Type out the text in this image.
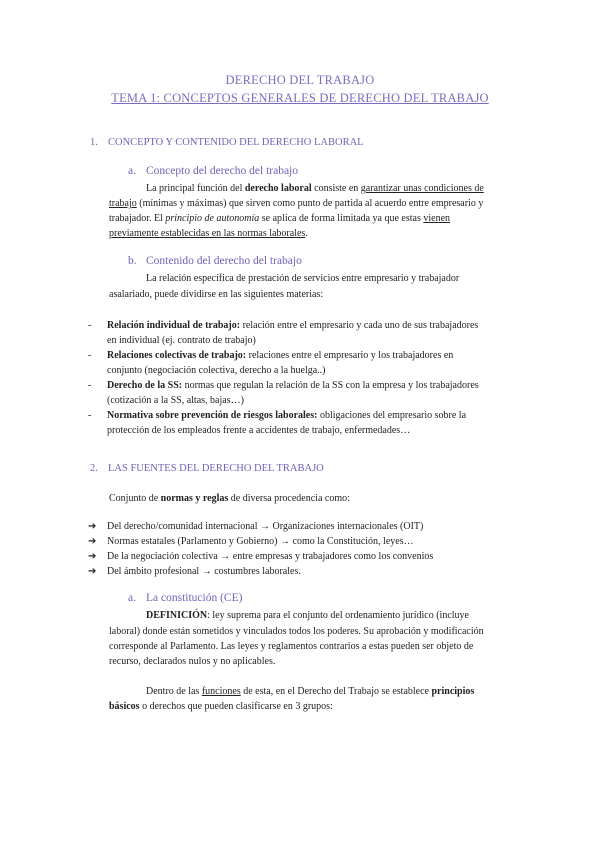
DERECHO DEL TRABAJO
TEMA 1: CONCEPTOS GENERALES DE DERECHO DEL TRABAJO
1. CONCEPTO Y CONTENIDO DEL DERECHO LABORAL
a. Concepto del derecho del trabajo
La principal función del derecho laboral consiste en garantizar unas condiciones de
trabajo (mínimas y máximas) que sirven como punto de partida al acuerdo entre empresario y
trabajador. El principio de autonomía se aplica de forma limitada ya que estas vienen
previamente establecidas en las normas laborales.
b. Contenido del derecho del trabajo
La relación específica de prestación de servicios entre empresario y trabajador
asalariado, puede dividirse en las siguientes materias:
- Relación individual de trabajo: relación entre el empresario y cada uno de sus trabajadores
en individual (ej. contrato de trabajo)
- Relaciones colectivas de trabajo: relaciones entre el empresario y los trabajadores en
conjunto (negociación colectiva, derecho a la huelga..)
- Derecho de la SS: normas que regulan la relación de la SS con la empresa y los trabajadores
(cotización a la SS, altas, bajas…)
- Normativa sobre prevención de riesgos laborales: obligaciones del empresario sobre la
protección de los empleados frente a accidentes de trabajo, enfermedades…
2. LAS FUENTES DEL DERECHO DEL TRABAJO
Conjunto de normas y reglas de diversa procedencia como:
➔ Del derecho/comunidad internacional → Organizaciones internacionales (OIT)
➔ Normas estatales (Parlamento y Gobierno) → como la Constitución, leyes…
➔ De la negociación colectiva → entre empresas y trabajadores como los convenios
➔ Del ámbito profesional → costumbres laborales.
a. La constitución (CE)
DEFINICIÓN: ley suprema para el conjunto del ordenamiento jurídico (incluye
laboral) donde están sometidos y vinculados todos los poderes. Su aprobación y modificación
corresponde al Parlamento. Las leyes y reglamentos contrarios a estas pueden ser objeto de
recurso, declarados nulos y no aplicables.
Dentro de las funciones de esta, en el Derecho del Trabajo se establece principios
básicos o derechos que pueden clasificarse en 3 grupos:
